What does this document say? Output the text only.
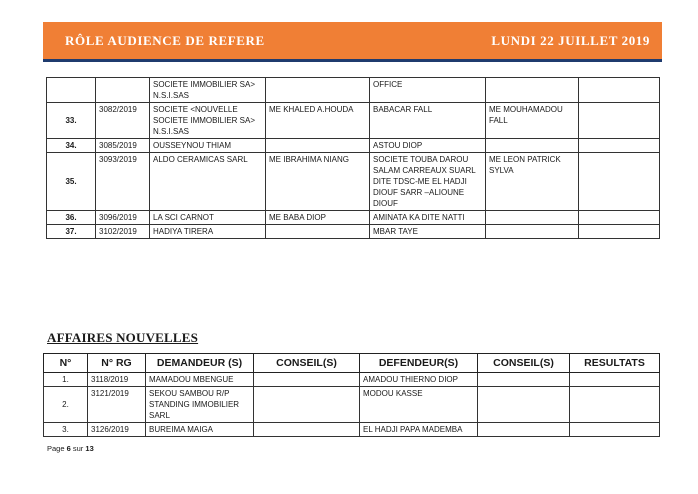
RÔLE AUDIENCE DE REFERE	LUNDI 22 JUILLET 2019
		SOCIETE IMMOBILIER SA> N.S.I.SAS		OFFICE		
33.	3082/2019	SOCIETE <NOUVELLE SOCIETE IMMOBILIER SA> N.S.I.SAS	ME KHALED A.HOUDA	BABACAR FALL	ME MOUHAMADOU FALL	
34.	3085/2019	OUSSEYNOU THIAM		ASTOU DIOP		
35.	3093/2019	ALDO CERAMICAS SARL	ME IBRAHIMA NIANG	SOCIETE TOUBA DAROU SALAM CARREAUX SUARL DITE TDSC-ME EL HADJI DIOUF SARR –ALIOUNE DIOUF	ME LEON PATRICK SYLVA	
36.	3096/2019	LA SCI CARNOT	ME BABA DIOP	AMINATA KA DITE NATTI		
37.	3102/2019	HADIYA TIRERA		MBAR TAYE		
AFFAIRES NOUVELLES
N°	N° RG	DEMANDEUR (S)	CONSEIL(S)	DEFENDEUR(S)	CONSEIL(S)	RESULTATS
1.	3118/2019	MAMADOU MBENGUE		AMADOU THIERNO DIOP		
2.	3121/2019	SEKOU SAMBOU R/P STANDING IMMOBILIER SARL		MODOU KASSE		
3.	3126/2019	BUREIMA MAIGA		EL HADJI PAPA MADEMBA		
Page 6 sur 13
